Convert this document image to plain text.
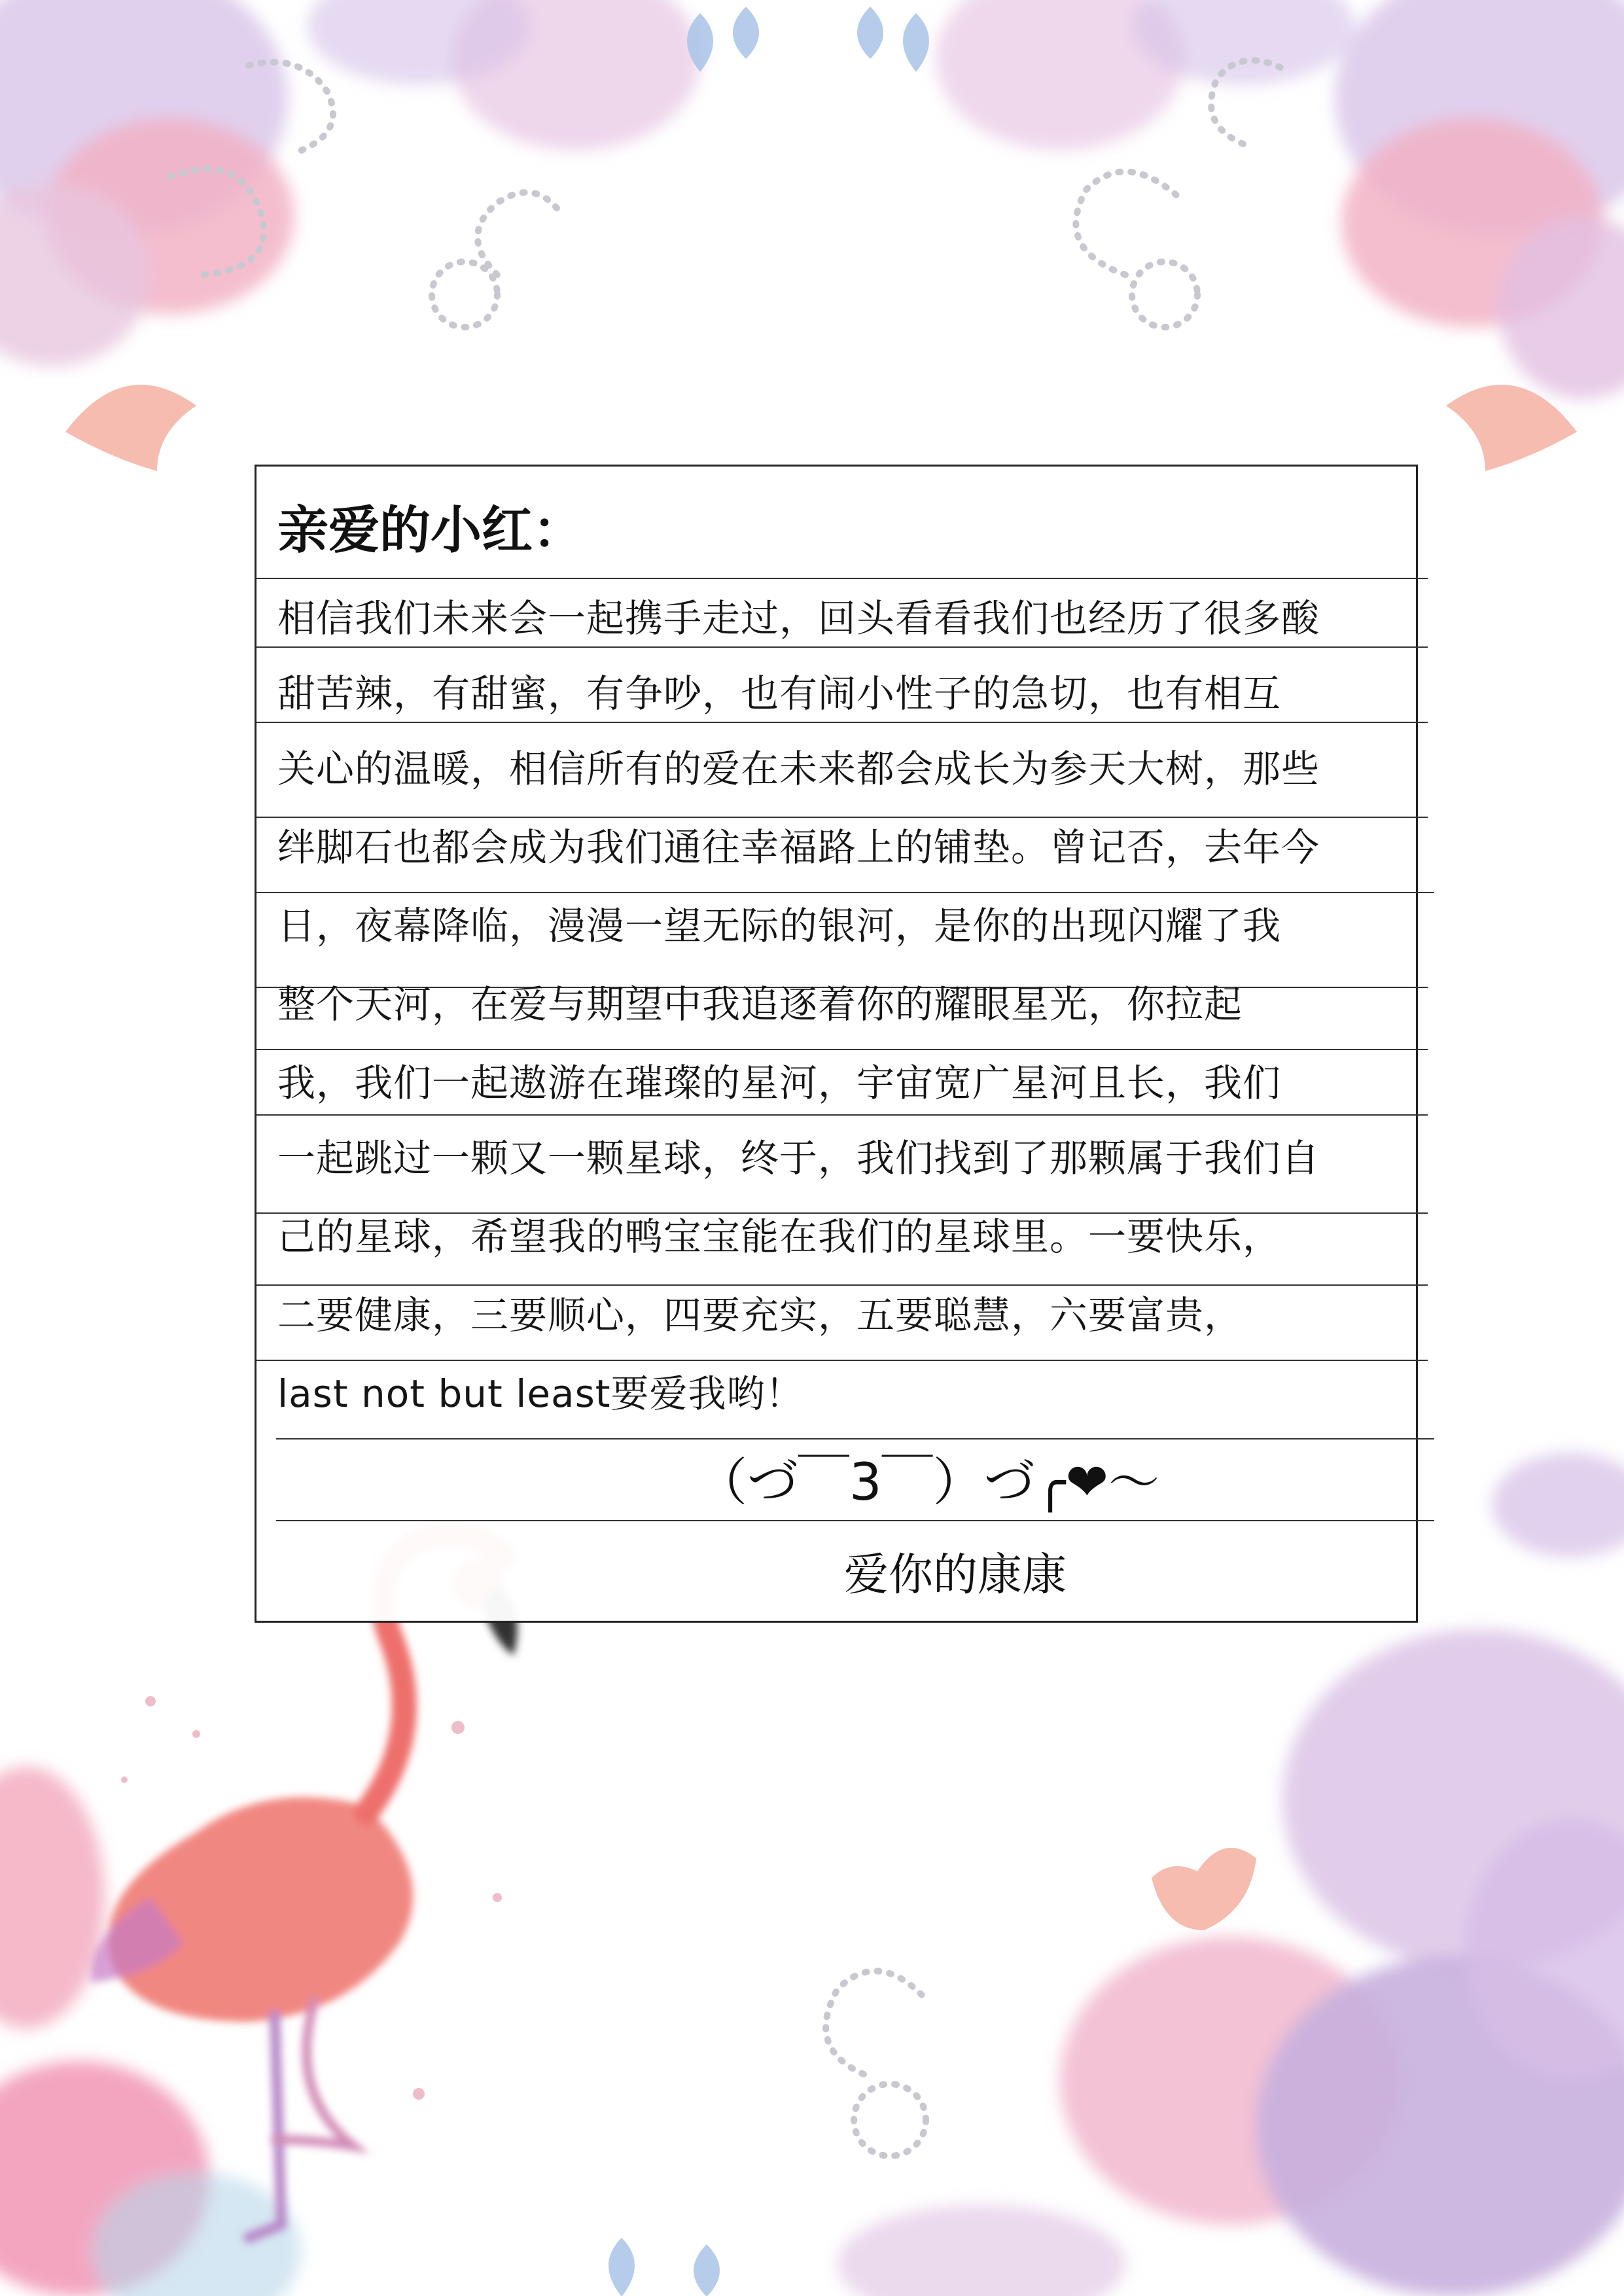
亲爱的小红：
相信我们未来会一起携手走过，回头看看我们也经历了很多酸
甜苦辣，有甜蜜，有争吵，也有闹小性子的急切，也有相互
关心的温暖，相信所有的爱在未来都会成长为参天大树，那些
绊脚石也都会成为我们通往幸福路上的铺垫。曾记否，去年今
日，夜幕降临，漫漫一望无际的银河，是你的出现闪耀了我
整个天河，在爱与期望中我追逐着你的耀眼星光，你拉起
我，我们一起遨游在璀璨的星河，宇宙宽广星河且长，我们
一起跳过一颗又一颗星球，终于，我们找到了那颗属于我们自
己的星球，希望我的鸭宝宝能在我们的星球里。一要快乐，
二要健康，三要顺心，四要充实，五要聪慧，六要富贵，
last not but least要爱我哟！
（づ￣3￣）づ╭❤～
爱你的康康
